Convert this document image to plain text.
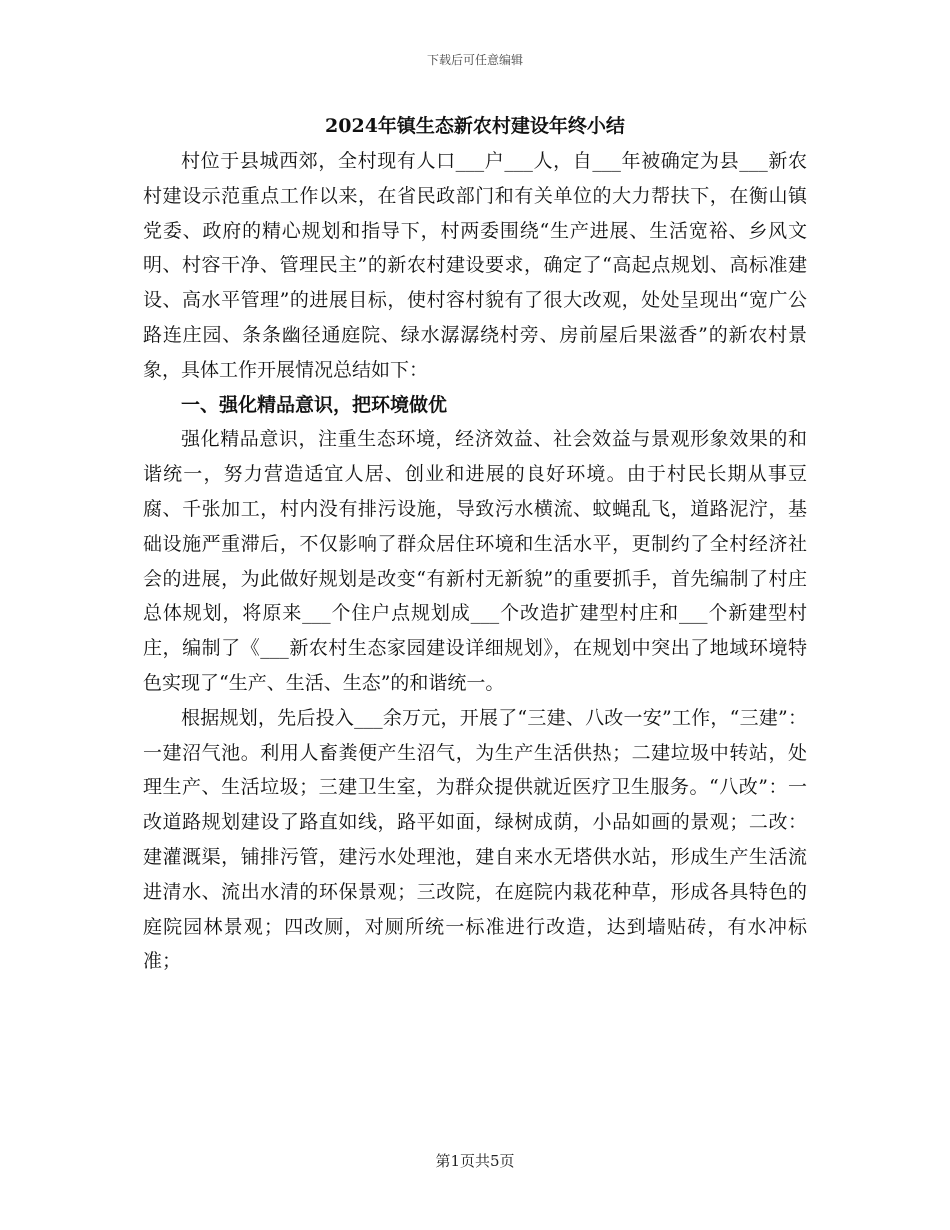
下载后可任意编辑
2024年镇生态新农村建设年终小结

村位于县城西郊，全村现有人口___户___人，自___年被确定为县___新农村建设示范重点工作以来，在省民政部门和有关单位的大力帮扶下，在衡山镇党委、政府的精心规划和指导下，村两委围绕“生产进展、生活宽裕、乡风文明、村容干净、管理民主”的新农村建设要求，确定了“高起点规划、高标准建设、高水平管理”的进展目标，使村容村貌有了很大改观，处处呈现出“宽广公路连庄园、条条幽径通庭院、绿水潺潺绕村旁、房前屋后果滋香”的新农村景象，具体工作开展情况总结如下：

一、强化精品意识，把环境做优

强化精品意识，注重生态环境，经济效益、社会效益与景观形象效果的和谐统一，努力营造适宜人居、创业和进展的良好环境。由于村民长期从事豆腐、千张加工，村内没有排污设施，导致污水横流、蚊蝇乱飞，道路泥泞，基础设施严重滞后，不仅影响了群众居住环境和生活水平，更制约了全村经济社会的进展，为此做好规划是改变“有新村无新貌”的重要抓手，首先编制了村庄总体规划，将原来___个住户点规划成___个改造扩建型村庄和___个新建型村庄，编制了《___新农村生态家园建设详细规划》，在规划中突出了地域环境特色实现了“生产、生活、生态”的和谐统一。

根据规划，先后投入___余万元，开展了“三建、八改一安”工作，“三建”：一建沼气池。利用人畜粪便产生沼气，为生产生活供热；二建垃圾中转站，处理生产、生活垃圾；三建卫生室，为群众提供就近医疗卫生服务。“八改”：一改道路规划建设了路直如线，路平如面，绿树成荫，小品如画的景观；二改：建灌溉渠，铺排污管，建污水处理池，建自来水无塔供水站，形成生产生活流进清水、流出水清的环保景观；三改院，在庭院内栽花种草，形成各具特色的庭院园林景观；四改厕，对厕所统一标准进行改造，达到墙贴砖，有水冲标准；

第1页共5页
